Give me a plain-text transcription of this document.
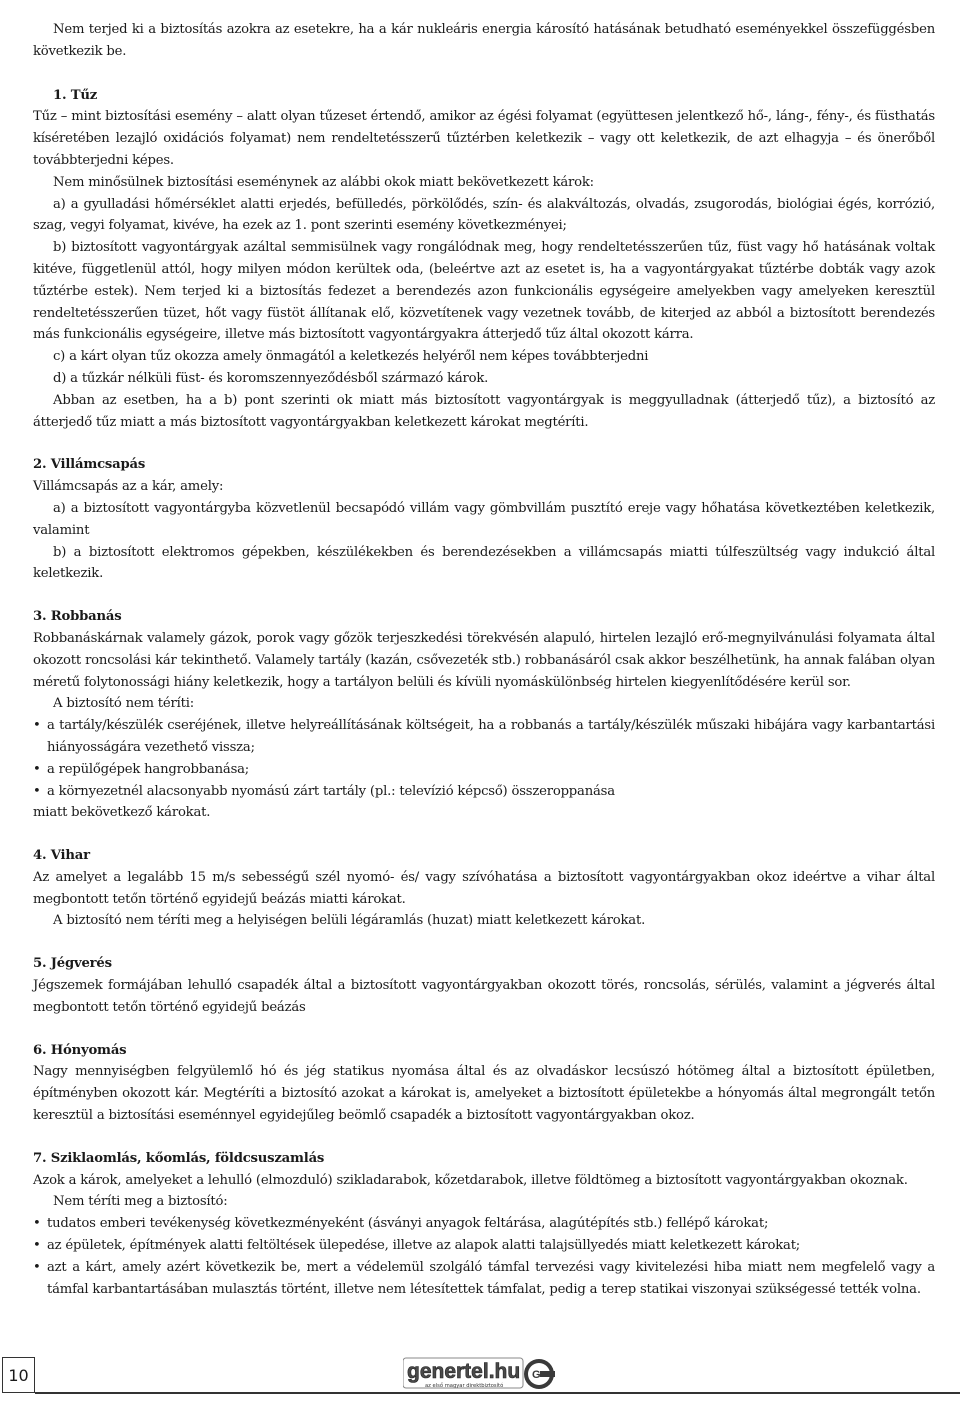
Nem terjed ki a biztosítás azokra az esetekre, ha a kár nukleáris energia károsító hatásának betudható eseményekkel összefüggésben következik be.

1. Tűz

Tűz – mint biztosítási esemény – alatt olyan tűzeset értendő, amikor az égési folyamat (együttesen jelentkező hő-, láng-, fény-, és füsthatás kíséretében lezajló oxidációs folyamat) nem rendeltetésszerű tűztérben keletkezik – vagy ott keletkezik, de azt elhagyja – és önerőből továbbterjedni képes.

Nem minősülnek biztosítási eseménynek az alábbi okok miatt bekövetkezett károk:

a) a gyulladási hőmérséklet alatti erjedés, befülledés, pörkölődés, szín- és alakváltozás, olvadás, zsugorodás, biológiai égés, korrózió, szag, vegyi folyamat, kivéve, ha ezek az 1. pont szerinti esemény következményei;

b) biztosított vagyontárgyak azáltal semmisülnek vagy rongálódnak meg, hogy rendeltetésszerűen tűz, füst vagy hő hatásának voltak kitéve, függetlenül attól, hogy milyen módon kerültek oda, (beleértve azt az esetet is, ha a vagyontárgyakat tűztérbe dobták vagy azok tűztérbe estek). Nem terjed ki a biztosítás fedezet a berendezés azon funkcionális egységeire amelyekben vagy amelyeken keresztül rendeltetésszerűen tüzet, hőt vagy füstöt állítanak elő, közvetítenek vagy vezetnek tovább, de kiterjed az abból a biztosított berendezés más funkcionális egységeire, illetve más biztosított vagyontárgyakra átterjedő tűz által okozott kárra.

c) a kárt olyan tűz okozza amely önmagától a keletkezés helyéről nem képes továbbterjedni

d) a tűzkár nélküli füst- és koromszennyeződésből származó károk.

Abban az esetben, ha a b) pont szerinti ok miatt más biztosított vagyontárgyak is meggyulladnak (átterjedő tűz), a biztosító az átterjedő tűz miatt a más biztosított vagyontárgyakban keletkezett károkat megtéríti.

2. Villámcsapás

Villámcsapás az a kár, amely:

a) a biztosított vagyontárgyba közvetlenül becsapódó villám vagy gömbvillám pusztító ereje vagy hőhatása következtében keletkezik, valamint

b) a biztosított elektromos gépekben, készülékekben és berendezésekben a villámcsapás miatti túlfeszültség vagy indukció által keletkezik.

3. Robbanás

Robbanáskárnak valamely gázok, porok vagy gőzök terjeszkedési törekvésén alapuló, hirtelen lezajló erő-megnyilvánulási folyamata által okozott roncsolási kár tekinthető. Valamely tartály (kazán, csővezeték stb.) robbanásáról csak akkor beszélhetünk, ha annak falában olyan méretű folytonossági hiány keletkezik, hogy a tartályon belüli és kívüli nyomáskülönbség hirtelen kiegyenlítődésére kerül sor.

A biztosító nem téríti:

• a tartály/készülék cseréjének, illetve helyreállításának költségeit, ha a robbanás a tartály/készülék műszaki hibájára vagy karbantartási hiányosságára vezethető vissza;

• a repülőgépek hangrobbanása;

• a környezetnél alacsonyabb nyomású zárt tartály (pl.: televízió képcső) összeroppanása

miatt bekövetkező károkat.

4. Vihar

Az amelyet a legalább 15 m/s sebességű szél nyomó- és/ vagy szívóhatása a biztosított vagyontárgyakban okoz ideértve a vihar által megbontott tetőn történő egyidejű beázás miatti károkat.

A biztosító nem téríti meg a helyiségen belüli légáramlás (huzat) miatt keletkezett károkat.

5. Jégverés

Jégszemek formájában lehulló csapadék által a biztosított vagyontárgyakban okozott törés, roncsolás, sérülés, valamint a jégverés által megbontott tetőn történő egyidejű beázás

6. Hónyomás

Nagy mennyiségben felgyülemlő hó és jég statikus nyomása által és az olvadáskor lecsúszó hótömeg által a biztosított épületben, építményben okozott kár. Megtéríti a biztosító azokat a károkat is, amelyeket a biztosított épületekbe a hónyomás által megrongált tetőn keresztül a biztosítási eseménnyel egyidejűleg beömlő csapadék a biztosított vagyontárgyakban okoz.

7. Sziklaomlás, kőomlás, földcsuszamlás

Azok a károk, amelyeket a lehulló (elmozduló) szikladarabok, kőzetdarabok, illetve földtömeg a biztosított vagyontárgyakban okoznak.

Nem téríti meg a biztosító:

• tudatos emberi tevékenység következményeként (ásványi anyagok feltárása, alagútépítés stb.) fellépő károkat;

• az épületek, építmények alatti feltöltések ülepedése, illetve az alapok alatti talajsüllyedés miatt keletkezett károkat;

• azt a kárt, amely azért következik be, mert a védelemül szolgáló támfal tervezési vagy kivitelezési hiba miatt nem megfelelő vagy a támfal karbantartásában mulasztás történt, illetve nem létesítettek támfalat, pedig a terep statikai viszonyai szükségessé tették volna.

10	genertel.hu
az első magyar direktbiztosító
G
